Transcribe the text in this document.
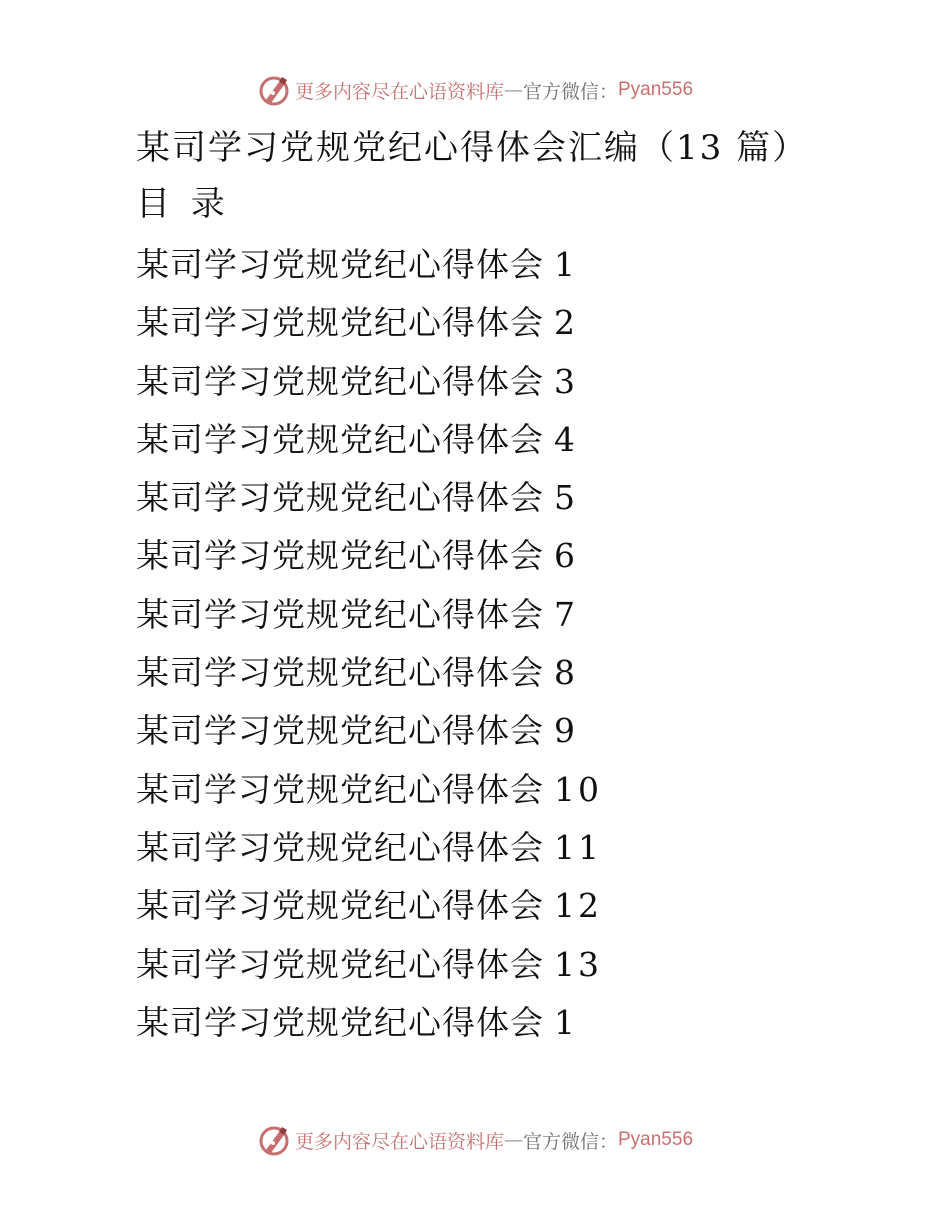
更多内容尽在心语资料库 — 官方微信： Pyan556
某司学习党规党纪心得体会汇编（13 篇）
目 录
某司学习党规党纪心得体会 1
某司学习党规党纪心得体会 2
某司学习党规党纪心得体会 3
某司学习党规党纪心得体会 4
某司学习党规党纪心得体会 5
某司学习党规党纪心得体会 6
某司学习党规党纪心得体会 7
某司学习党规党纪心得体会 8
某司学习党规党纪心得体会 9
某司学习党规党纪心得体会 10
某司学习党规党纪心得体会 11
某司学习党规党纪心得体会 12
某司学习党规党纪心得体会 13
某司学习党规党纪心得体会 1
更多内容尽在心语资料库 — 官方微信： Pyan556
